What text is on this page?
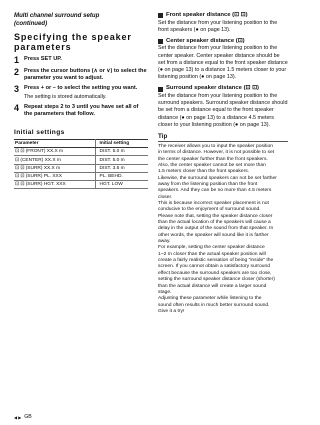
Multi channel surround setup
(continued)
Specifying the speaker
parameters
1 Press SET UP.
2 Press the cursor buttons (∧ or ∨) to select the parameter you want to adjust.
3 Press + or – to select the setting you want.
The setting is stored automatically.
4 Repeat steps 2 to 3 until you have set all of the parameters that follow.
Initial settings
Parameter	Initial setting
⊡ ⊡ (FRONT) XX.X m	DIST. 5.0 m
⊡ (CENTER) XX.X m	DIST. 5.0 m
⊡ ⊡ (SURR) XX.X m	DIST. 3.5 m
⊡ ⊡ (SURR) PL. XXX	PL. BEHD.
⊡ ⊡ (SURR) HGT. XXX	HGT. LOW
Front speaker distance (⊡ ⊡)
Set the distance from your listening position to the front speakers (● on page 13).
Center speaker distance (⊡)
Set the distance from your listening position to the center speaker. Center speaker distance should be set from a distance equal to the front speaker distance (● on page 13) to a distance 1.5 meters closer to your listening position (● on page 13).
Surround speaker distance (⊡ ⊡)
Set the distance from your listening position to the surround speakers. Surround speaker distance should be set from a distance equal to the front speaker distance (● on page 13) to a distance 4.5 meters closer to your listening position (● on page 13).
Tip
The receiver allows you to input the speaker position
in terms of distance. However, it is not possible to set
the center speaker further than the front speakers.
Also, the center speaker cannot be set more than
1.5 meters closer than the front speakers.
Likewise, the surround speakers can not be set farther
away from the listening position than the front
speakers. And they can be no more than 4.5 meters
closer.
This is because incorrect speaker placement is not
conducive to the enjoyment of surround sound.
Please note that, setting the speaker distance closer
than the actual location of the speakers will cause a
delay in the output of the sound from that speaker. In
other words, the speaker will sound like it is farther
away.
For example, setting the center speaker distance
1~2 m closer than the actual speaker position will
create a fairly realistic sensation of being "inside" the
screen. If you cannot obtain a satisfactory surround
effect because the surround speakers are too close,
setting the surround speaker distance closer (shorter)
than the actual distance will create a larger sound
stage.
Adjusting these parameter while listening to the
sound often results in much better surround sound.
Give it a try!
◀ ▶ GB
